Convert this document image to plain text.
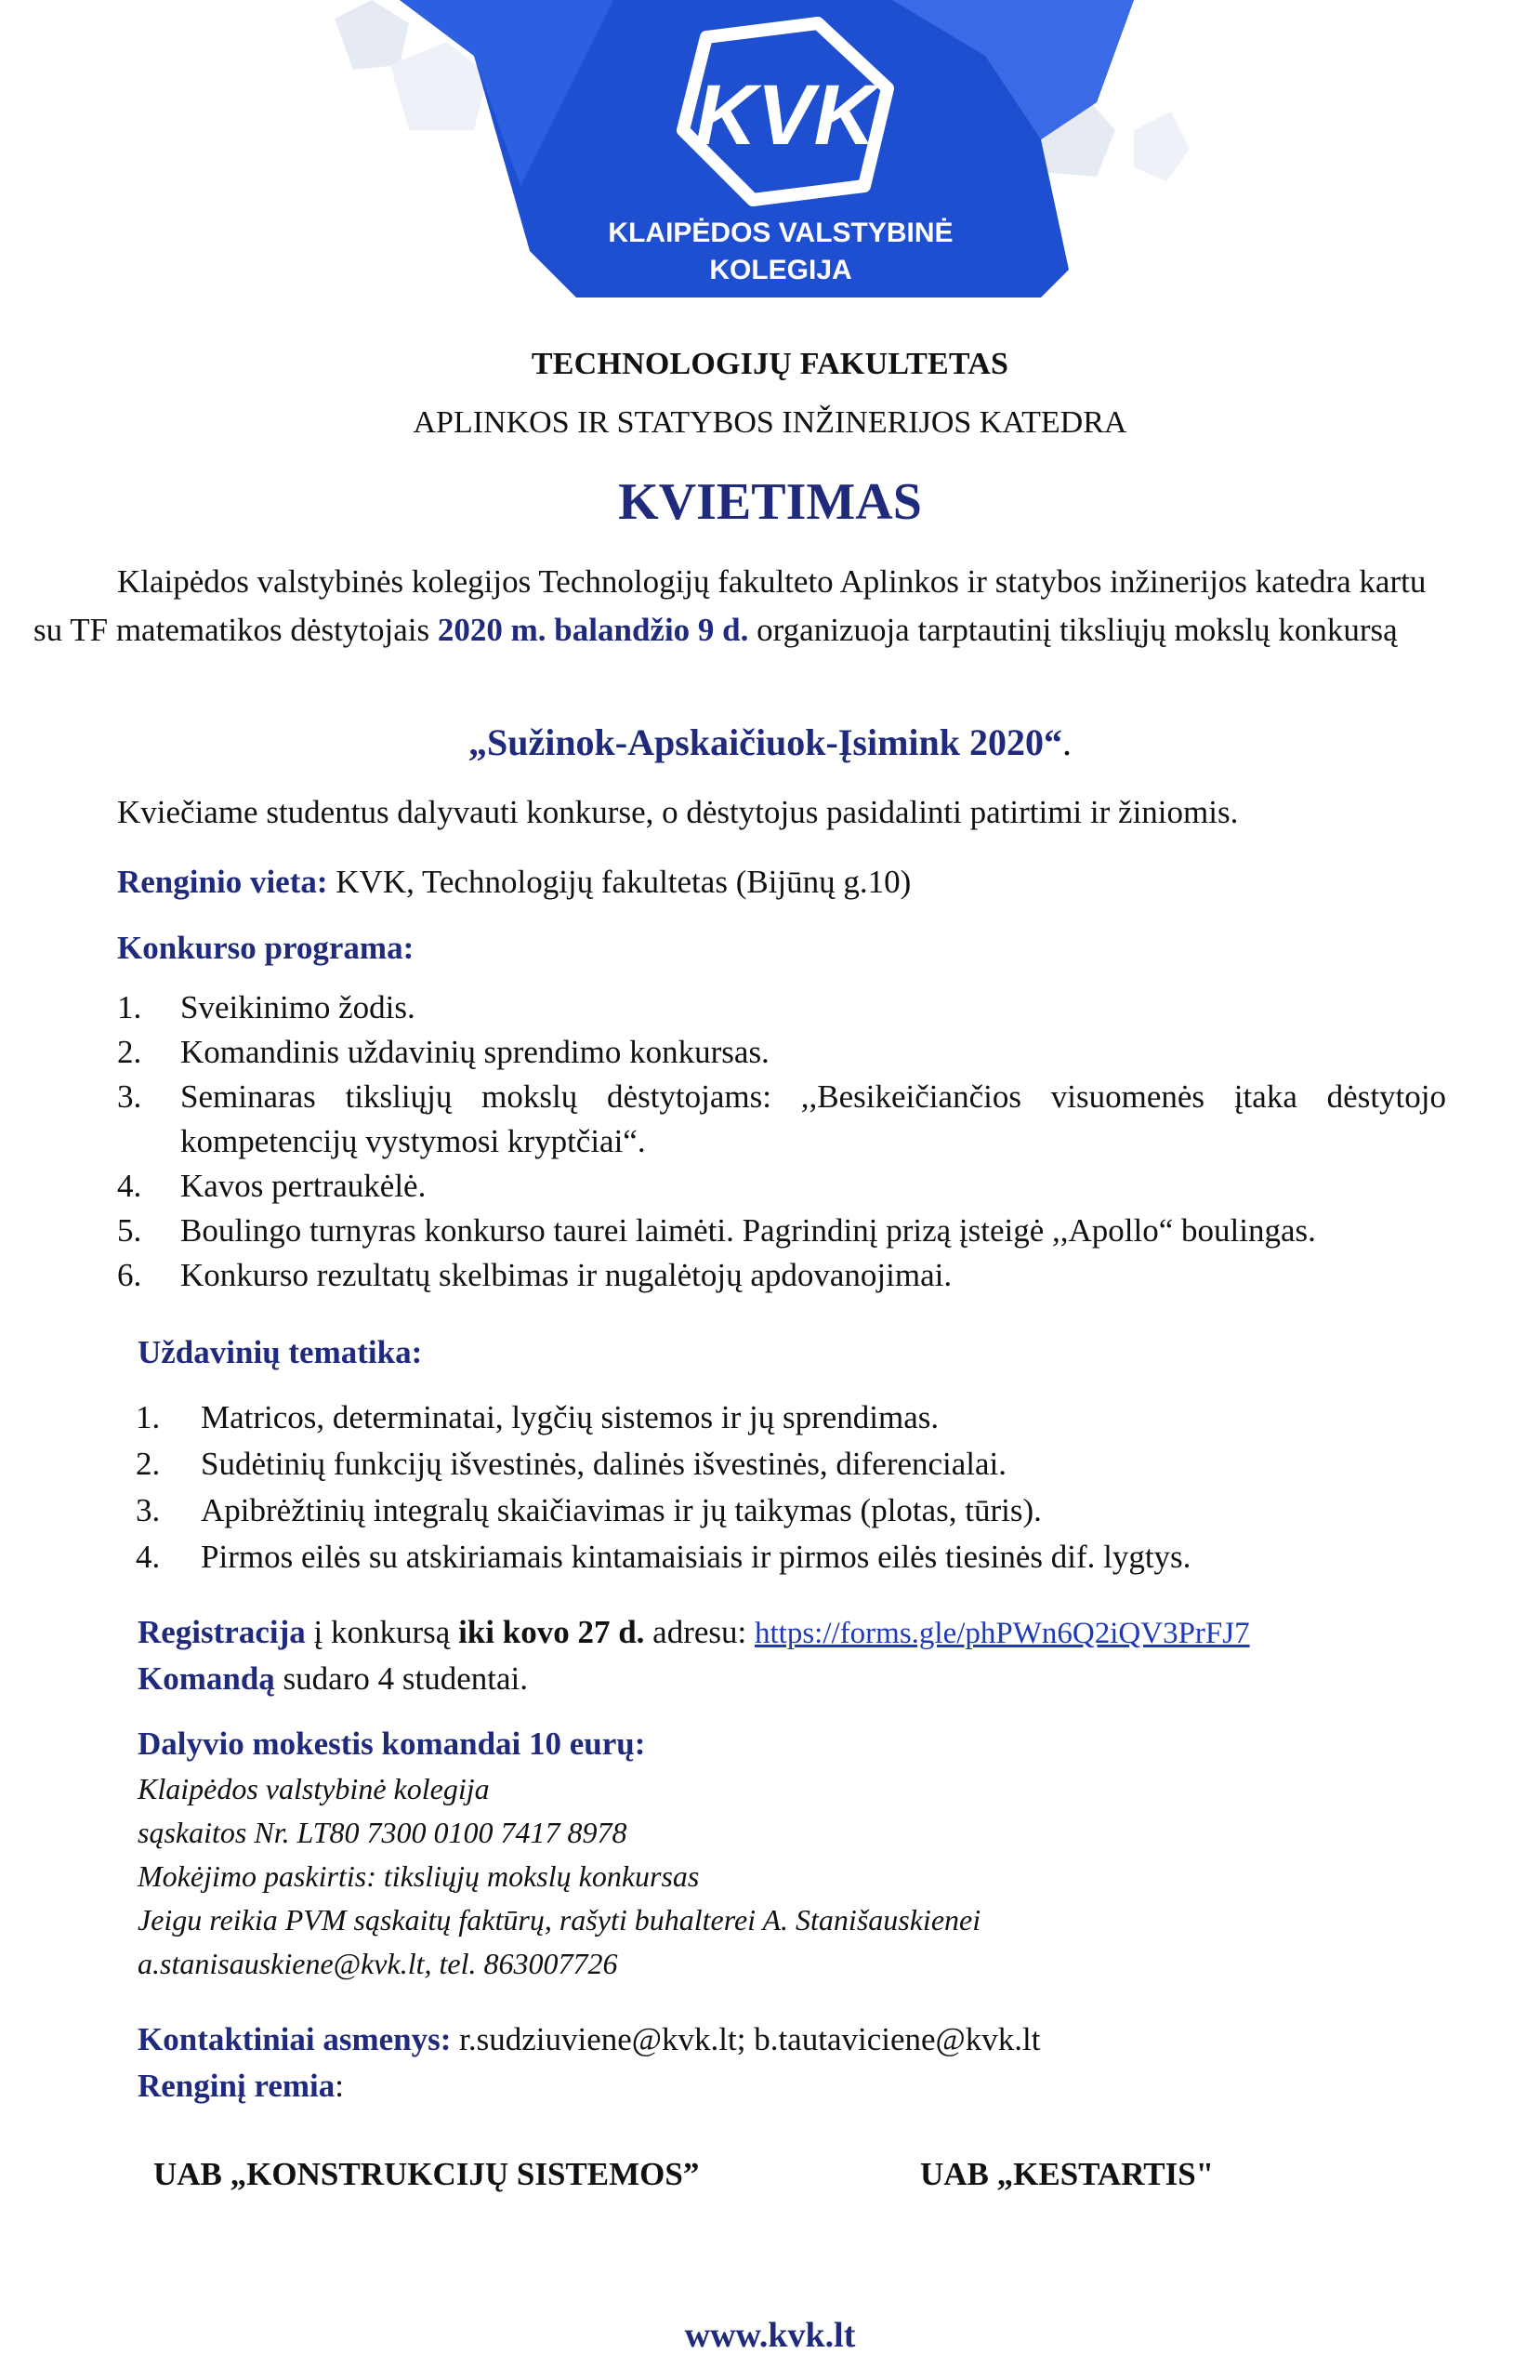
KVK
KLAIPĖDOS VALSTYBINĖ
KOLEGIJA
TECHNOLOGIJŲ FAKULTETAS
APLINKOS IR STATYBOS INŽINERIJOS KATEDRA
KVIETIMAS
Klaipėdos valstybinės kolegijos Technologijų fakulteto Aplinkos ir statybos inžinerijos katedra kartu su TF matematikos dėstytojais 2020 m. balandžio 9 d. organizuoja tarptautinį tiksliųjų mokslų konkursą
„Sužinok-Apskaičiuok-Įsimink 2020“.
Kviečiame studentus dalyvauti konkurse, o dėstytojus pasidalinti patirtimi ir žiniomis.
Renginio vieta: KVK, Technologijų fakultetas (Bijūnų g.10)
Konkurso programa:
1. Sveikinimo žodis.
2. Komandinis uždavinių sprendimo konkursas.
3. Seminaras tiksliųjų mokslų dėstytojams: ,,Besikeičiančios visuomenės įtaka dėstytojo kompetencijų vystymosi kryptčiai“.
4. Kavos pertraukėlė.
5. Boulingo turnyras konkurso taurei laimėti. Pagrindinį prizą įsteigė ,,Apollo“ boulingas.
6. Konkurso rezultatų skelbimas ir nugalėtojų apdovanojimai.
Uždavinių tematika:
1. Matricos, determinatai, lygčių sistemos ir jų sprendimas.
2. Sudėtinių funkcijų išvestinės, dalinės išvestinės, diferencialai.
3. Apibrėžtinių integralų skaičiavimas ir jų taikymas (plotas, tūris).
4. Pirmos eilės su atskiriamais kintamaisiais ir pirmos eilės tiesinės dif. lygtys.
Registracija į konkursą iki kovo 27 d. adresu: https://forms.gle/phPWn6Q2iQV3PrFJ7
Komandą sudaro 4 studentai.
Dalyvio mokestis komandai 10 eurų:
Klaipėdos valstybinė kolegija
sąskaitos Nr. LT80 7300 0100 7417 8978
Mokėjimo paskirtis: tiksliųjų mokslų konkursas
Jeigu reikia PVM sąskaitų faktūrų, rašyti buhalterei A. Stanišauskienei
a.stanisauskiene@kvk.lt, tel. 863007726
Kontaktiniai asmenys: r.sudziuviene@kvk.lt; b.tautaviciene@kvk.lt
Renginį remia:
UAB „KONSTRUKCIJŲ SISTEMOS”	UAB „KESTARTIS"
www.kvk.lt
